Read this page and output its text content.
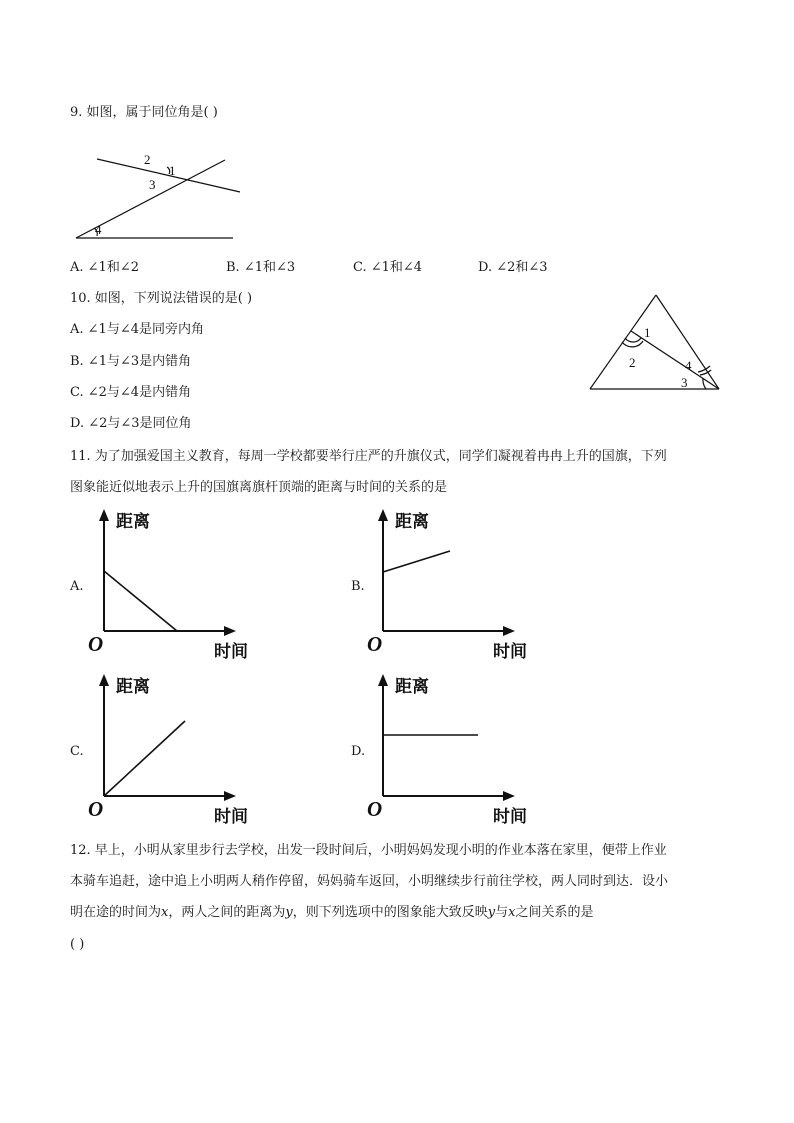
9. 如图，属于同位角是( )
2
1
3
4
A. ∠1和∠2	B. ∠1和∠3	C. ∠1和∠4	D. ∠2和∠3
10. 如图，下列说法错误的是( )
A. ∠1与∠4是同旁内角
B. ∠1与∠3是内错角
C. ∠2与∠4是内错角
D. ∠2与∠3是同位角
1
2	4
3
11. 为了加强爱国主义教育，每周一学校都要举行庄严的升旗仪式，同学们凝视着冉冉上升的国旗，下列
图象能近似地表示上升的国旗离旗杆顶端的距离与时间的关系的是
A.
距离
时间
O
B.
距离
时间
O
C.
距离
时间
O
D.
距离
时间
O
12. 早上，小明从家里步行去学校，出发一段时间后，小明妈妈发现小明的作业本落在家里，便带上作业
本骑车追赶，途中追上小明两人稍作停留，妈妈骑车返回，小明继续步行前往学校，两人同时到达．设小
明在途的时间为x，两人之间的距离为y，则下列选项中的图象能大致反映y与x之间关系的是
( )
